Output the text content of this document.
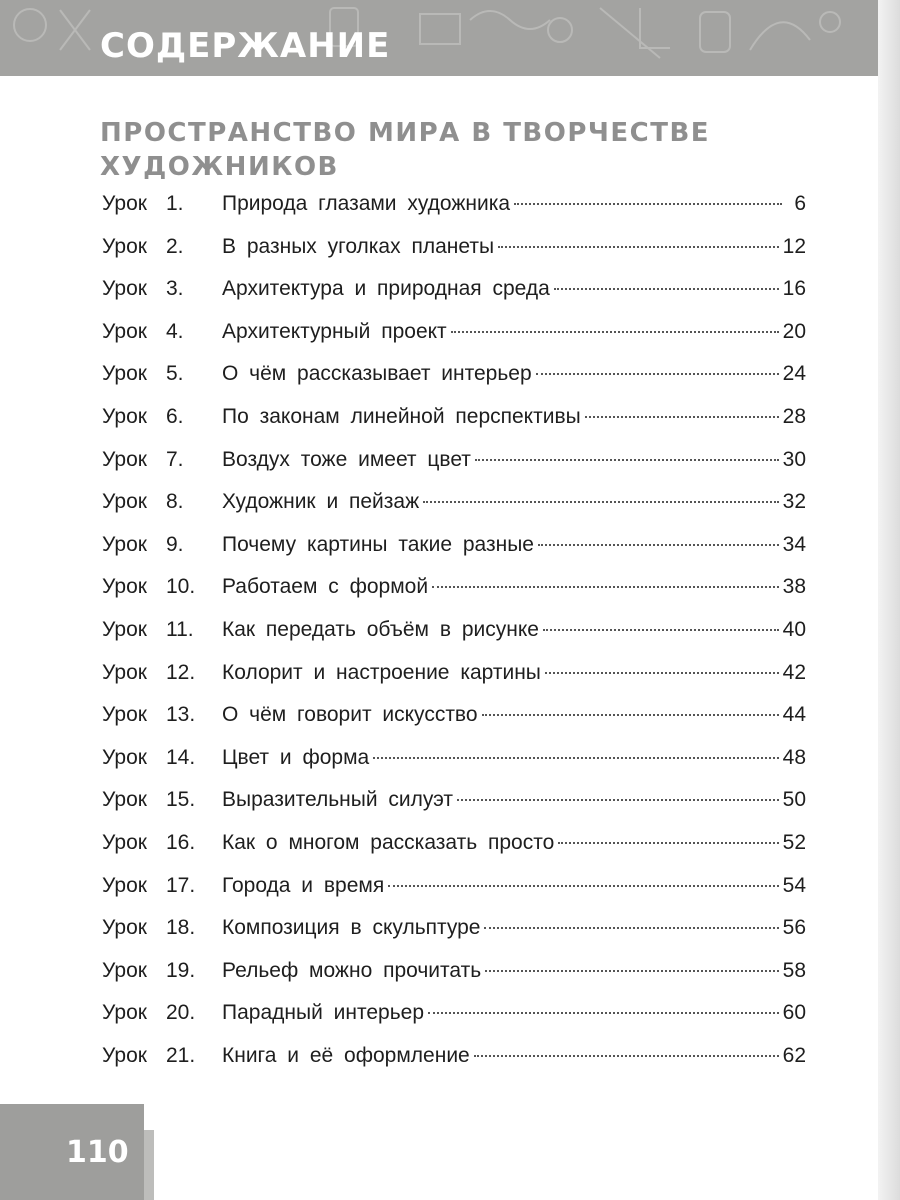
СОДЕРЖАНИЕ
ПРОСТРАНСТВО МИРА В ТВОРЧЕСТВЕ ХУДОЖНИКОВ
Урок 1.	Природа глазами художника	6
Урок 2.	В разных уголках планеты	12
Урок 3.	Архитектура и природная среда	16
Урок 4.	Архитектурный проект	20
Урок 5.	О чём рассказывает интерьер	24
Урок 6.	По законам линейной перспективы	28
Урок 7.	Воздух тоже имеет цвет	30
Урок 8.	Художник и пейзаж	32
Урок 9.	Почему картины такие разные	34
Урок 10.	Работаем с формой	38
Урок 11.	Как передать объём в рисунке	40
Урок 12.	Колорит и настроение картины	42
Урок 13.	О чём говорит искусство	44
Урок 14.	Цвет и форма	48
Урок 15.	Выразительный силуэт	50
Урок 16.	Как о многом рассказать просто	52
Урок 17.	Города и время	54
Урок 18.	Композиция в скульптуре	56
Урок 19.	Рельеф можно прочитать	58
Урок 20.	Парадный интерьер	60
Урок 21.	Книга и её оформление	62
110
